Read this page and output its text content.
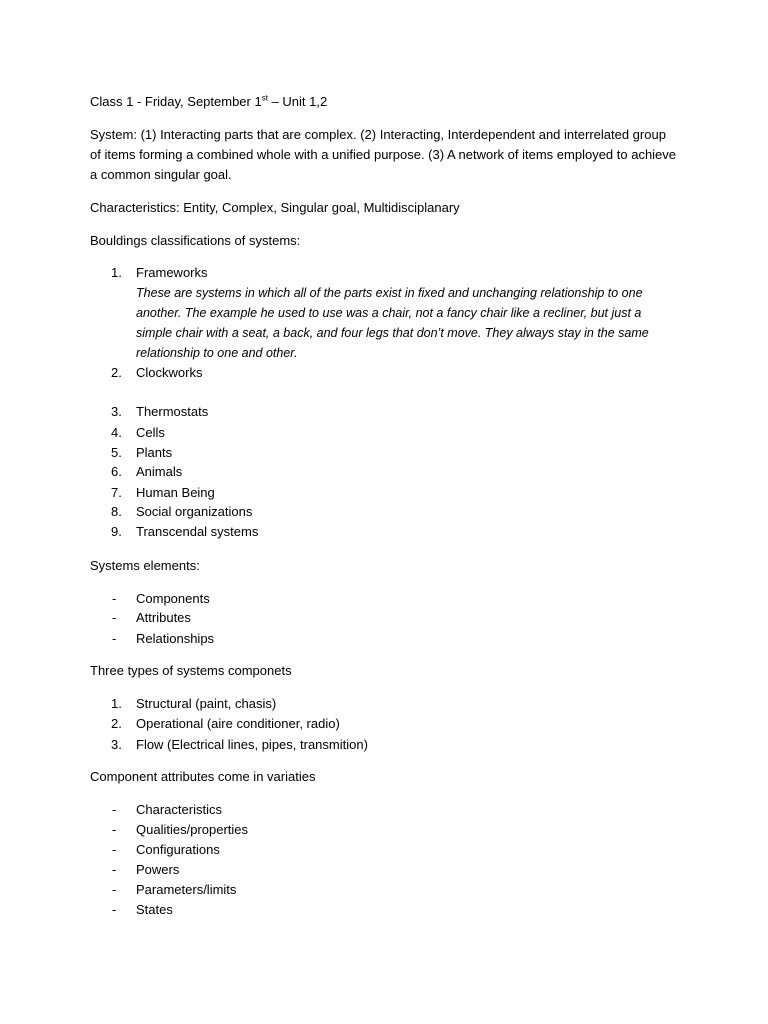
Class 1 - Friday, September 1st – Unit 1,2

System: (1) Interacting parts that are complex. (2) Interacting, Interdependent and interrelated group of items forming a combined whole with a unified purpose. (3) A network of items employed to achieve a common singular goal.

Characteristics: Entity, Complex, Singular goal, Multidisciplanary

Bouldings classifications of systems:

1. Frameworks
These are systems in which all of the parts exist in fixed and unchanging relationship to one another. The example he used to use was a chair, not a fancy chair like a recliner, but just a simple chair with a seat, a back, and four legs that don’t move. They always stay in the same relationship to one and other.
2. Clockworks
3. Thermostats
4. Cells
5. Plants
6. Animals
7. Human Being
8. Social organizations
9. Transcendal systems

Systems elements:

- Components
- Attributes
- Relationships

Three types of systems componets

1. Structural (paint, chasis)
2. Operational (aire conditioner, radio)
3. Flow (Electrical lines, pipes, transmition)

Component attributes come in variaties

- Characteristics
- Qualities/properties
- Configurations
- Powers
- Parameters/limits
- States
